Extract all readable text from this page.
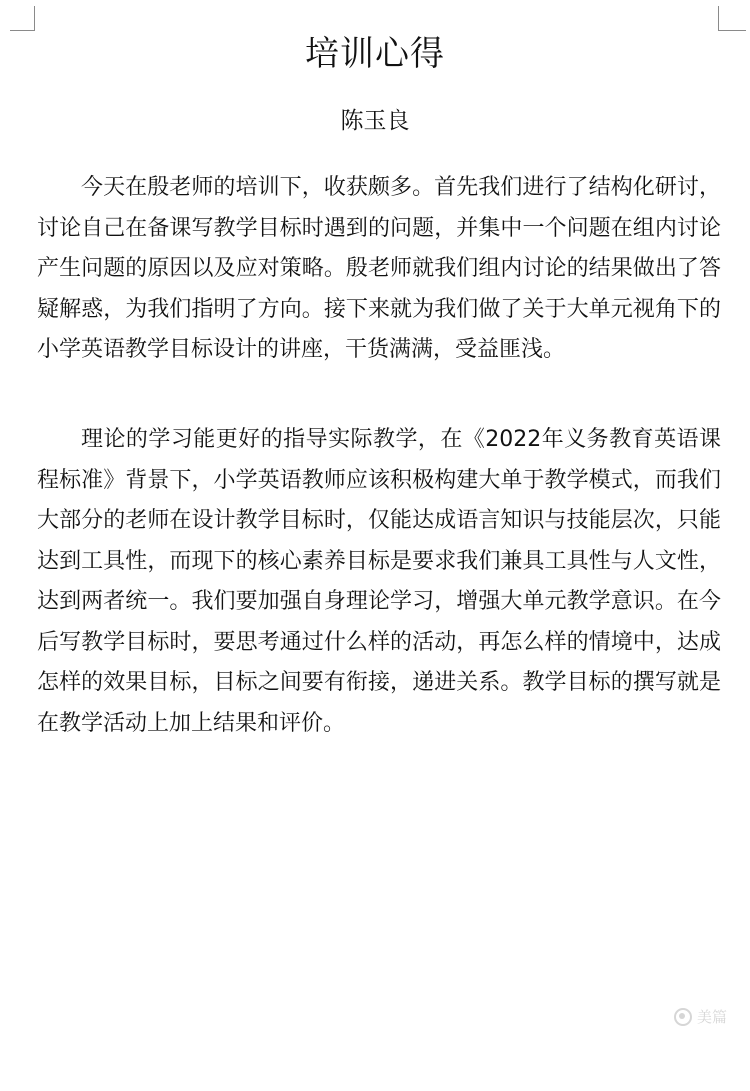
培训心得
陈玉良

今天在殷老师的培训下，收获颇多。首先我们进行了结构化研讨，讨论自己在备课写教学目标时遇到的问题，并集中一个问题在组内讨论产生问题的原因以及应对策略。殷老师就我们组内讨论的结果做出了答疑解惑，为我们指明了方向。接下来就为我们做了关于大单元视角下的小学英语教学目标设计的讲座，干货满满，受益匪浅。

理论的学习能更好的指导实际教学，在《2022年义务教育英语课程标准》背景下，小学英语教师应该积极构建大单于教学模式，而我们大部分的老师在设计教学目标时，仅能达成语言知识与技能层次，只能达到工具性，而现下的核心素养目标是要求我们兼具工具性与人文性，达到两者统一。我们要加强自身理论学习，增强大单元教学意识。在今后写教学目标时，要思考通过什么样的活动，再怎么样的情境中，达成怎样的效果目标，目标之间要有衔接，递进关系。教学目标的撰写就是在教学活动上加上结果和评价。

美篇
